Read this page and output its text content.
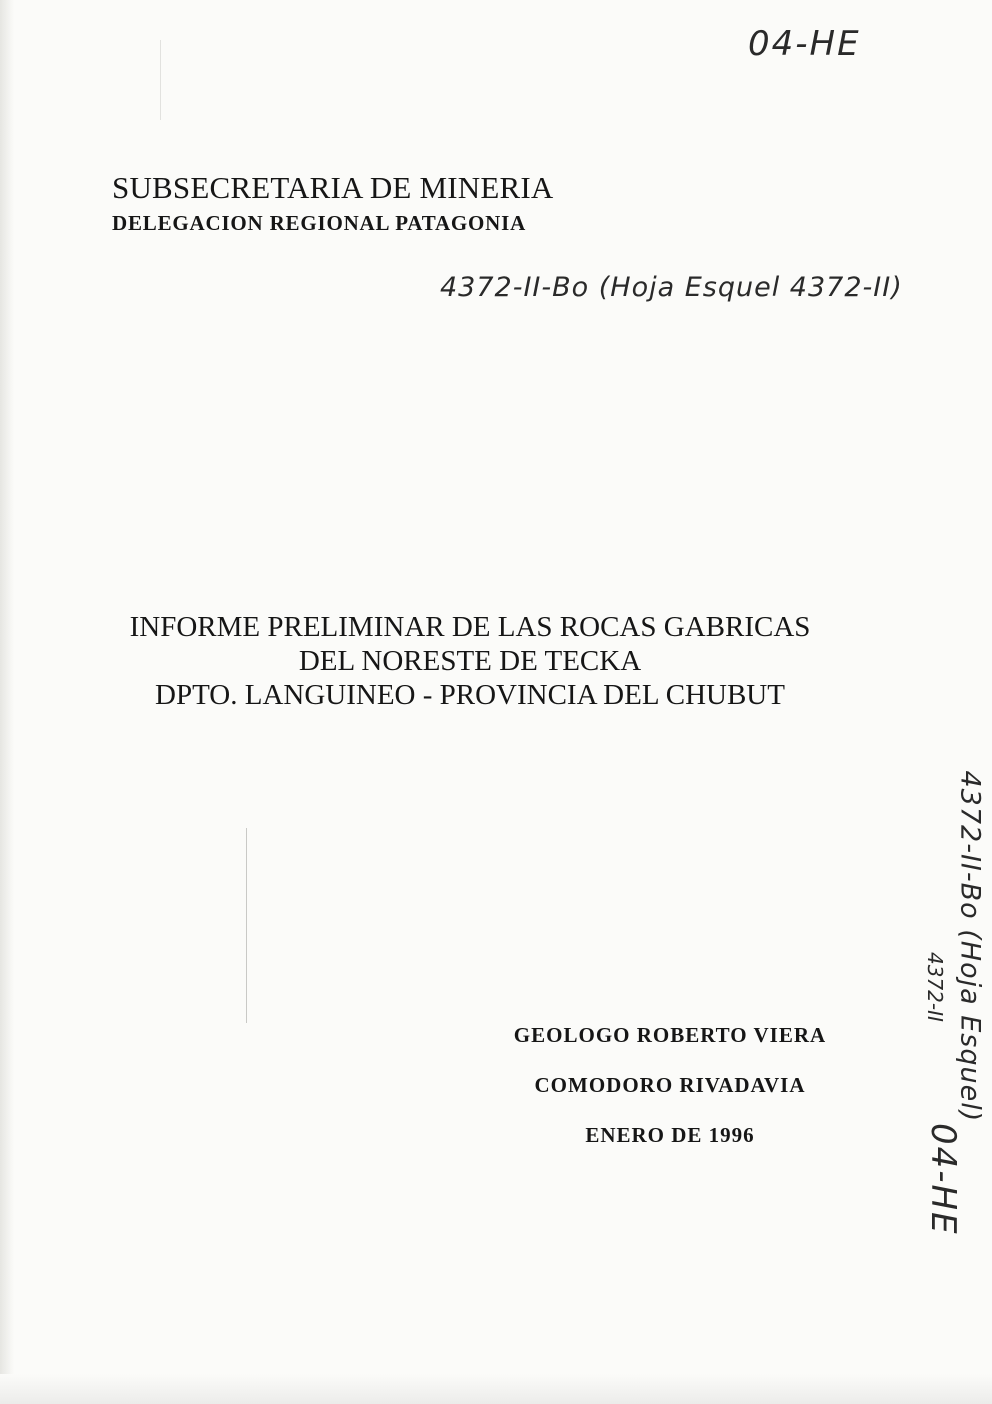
04-HE
SUBSECRETARIA DE MINERIA
DELEGACION REGIONAL PATAGONIA
4372-II-Bo (Hoja Esquel 4372-II)
INFORME PRELIMINAR DE LAS ROCAS GABRICAS
DEL NORESTE DE TECKA
DPTO. LANGUINEO - PROVINCIA DEL CHUBUT
4372-II-Bo (Hoja Esquel)
4372-II
04-HE
GEOLOGO ROBERTO VIERA
COMODORO RIVADAVIA
ENERO DE 1996
